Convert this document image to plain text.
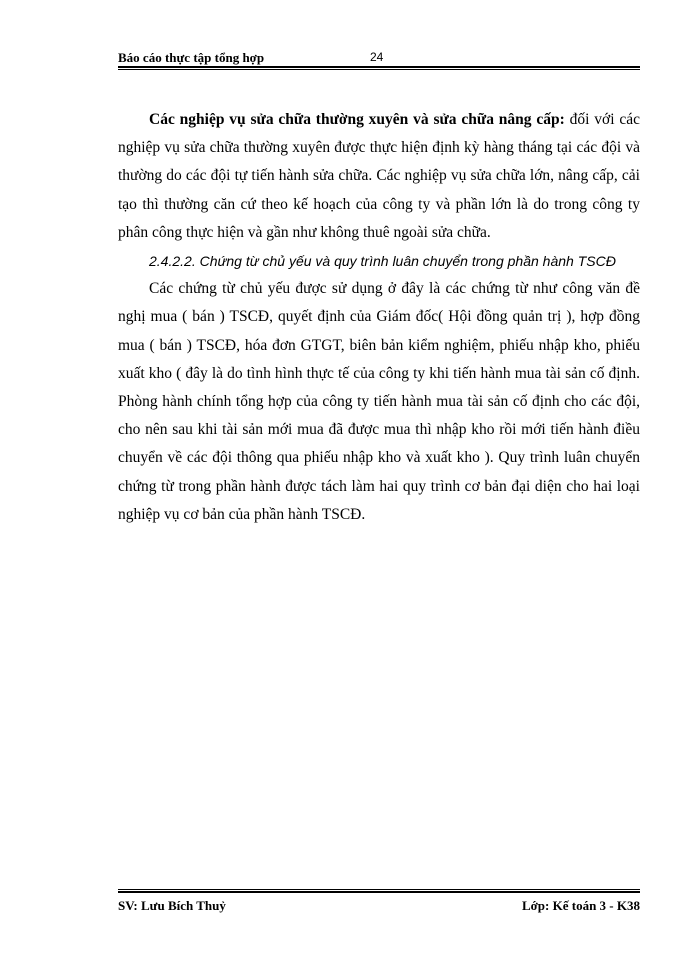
Báo cáo thực tập tổng hợp	24

Các nghiệp vụ sửa chữa thường xuyên và sửa chữa nâng cấp: đối với các nghiệp vụ sửa chữa thường xuyên được thực hiện định kỳ hàng tháng tại các đội và thường do các đội tự tiến hành sửa chữa. Các nghiệp vụ sửa chữa lớn, nâng cấp, cải tạo thì thường căn cứ theo kế hoạch của công ty và phần lớn là do trong công ty phân công thực hiện và gần như không thuê ngoài sửa chữa.

2.4.2.2. Chứng từ chủ yếu và quy trình luân chuyển trong phần hành TSCĐ

Các chứng từ chủ yếu được sử dụng ở đây là các chứng từ như công văn đề nghị mua ( bán ) TSCĐ, quyết định của Giám đốc( Hội đồng quản trị ), hợp đồng mua ( bán ) TSCĐ, hóa đơn GTGT, biên bản kiểm nghiệm, phiếu nhập kho, phiếu xuất kho ( đây là do tình hình thực tế của công ty khi tiến hành mua tài sản cố định. Phòng hành chính tổng hợp của công ty tiến hành mua tài sản cố định cho các đội, cho nên sau khi tài sản mới mua đã được mua thì nhập kho rồi mới tiến hành điều chuyển về các đội thông qua phiếu nhập kho và xuất kho ). Quy trình luân chuyển chứng từ trong phần hành được tách làm hai quy trình cơ bản đại diện cho hai loại nghiệp vụ cơ bản của phần hành TSCĐ.

SV: Lưu Bích Thuỷ	Lớp: Kế toán 3 - K38
